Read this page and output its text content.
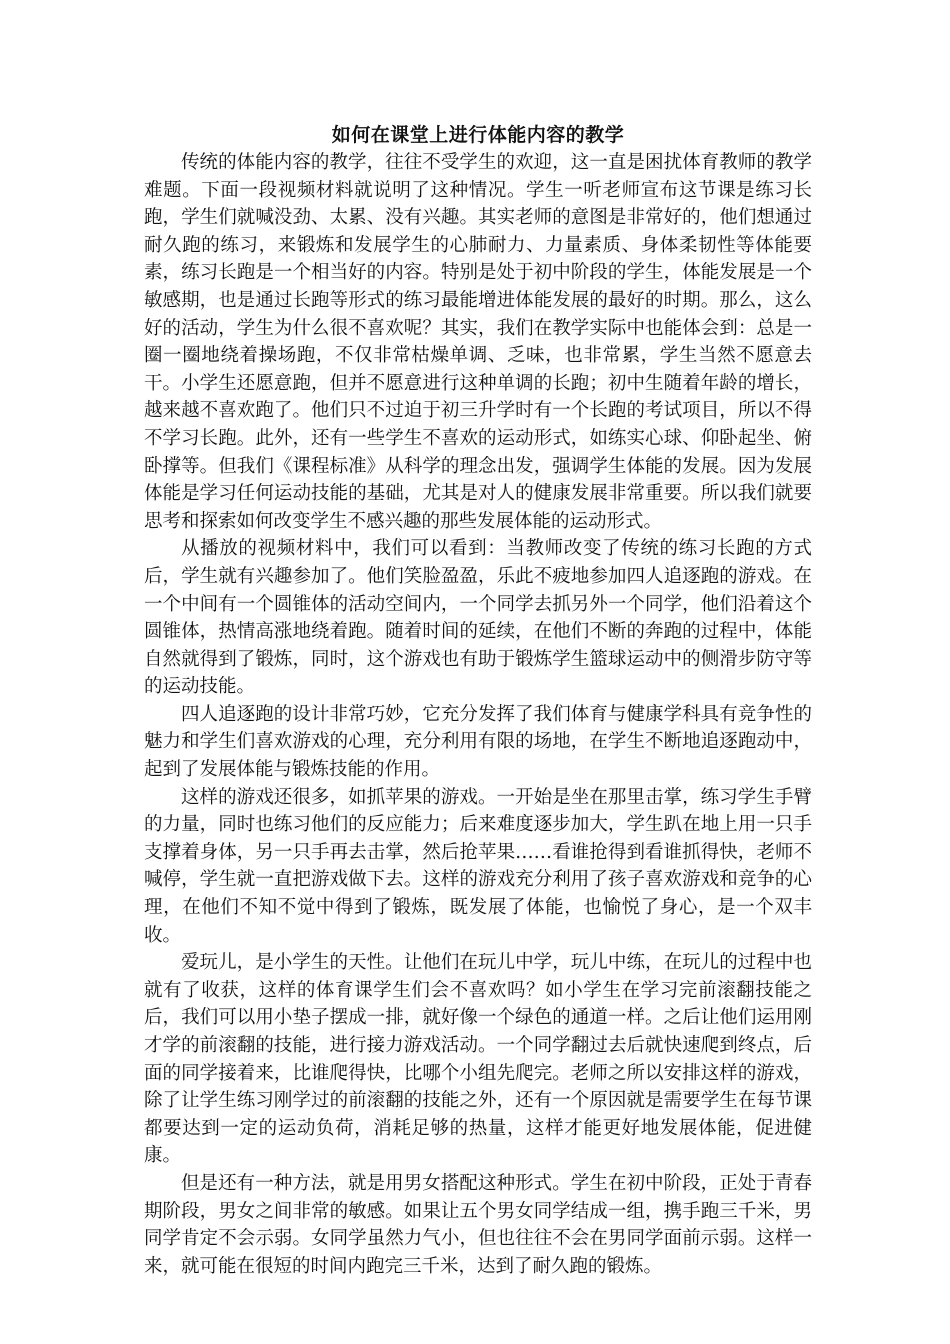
如何在课堂上进行体能内容的教学

传统的体能内容的教学，往往不受学生的欢迎，这一直是困扰体育教师的教学难题。下面一段视频材料就说明了这种情况。学生一听老师宣布这节课是练习长跑，学生们就喊没劲、太累、没有兴趣。其实老师的意图是非常好的，他们想通过耐久跑的练习，来锻炼和发展学生的心肺耐力、力量素质、身体柔韧性等体能要素，练习长跑是一个相当好的内容。特别是处于初中阶段的学生，体能发展是一个敏感期，也是通过长跑等形式的练习最能增进体能发展的最好的时期。那么，这么好的活动，学生为什么很不喜欢呢？其实，我们在教学实际中也能体会到：总是一圈一圈地绕着操场跑，不仅非常枯燥单调、乏味，也非常累，学生当然不愿意去干。小学生还愿意跑，但并不愿意进行这种单调的长跑；初中生随着年龄的增长，越来越不喜欢跑了。他们只不过迫于初三升学时有一个长跑的考试项目，所以不得不学习长跑。此外，还有一些学生不喜欢的运动形式，如练实心球、仰卧起坐、俯卧撑等。但我们《课程标准》从科学的理念出发，强调学生体能的发展。因为发展体能是学习任何运动技能的基础，尤其是对人的健康发展非常重要。所以我们就要思考和探索如何改变学生不感兴趣的那些发展体能的运动形式。

从播放的视频材料中，我们可以看到：当教师改变了传统的练习长跑的方式后，学生就有兴趣参加了。他们笑脸盈盈，乐此不疲地参加四人追逐跑的游戏。在一个中间有一个圆锥体的活动空间内，一个同学去抓另外一个同学，他们沿着这个圆锥体，热情高涨地绕着跑。随着时间的延续，在他们不断的奔跑的过程中，体能自然就得到了锻炼，同时，这个游戏也有助于锻炼学生篮球运动中的侧滑步防守等的运动技能。

四人追逐跑的设计非常巧妙，它充分发挥了我们体育与健康学科具有竞争性的魅力和学生们喜欢游戏的心理，充分利用有限的场地，在学生不断地追逐跑动中，起到了发展体能与锻炼技能的作用。

这样的游戏还很多，如抓苹果的游戏。一开始是坐在那里击掌，练习学生手臂的力量，同时也练习他们的反应能力；后来难度逐步加大，学生趴在地上用一只手支撑着身体，另一只手再去击掌，然后抢苹果……看谁抢得到看谁抓得快，老师不喊停，学生就一直把游戏做下去。这样的游戏充分利用了孩子喜欢游戏和竞争的心理，在他们不知不觉中得到了锻炼，既发展了体能，也愉悦了身心，是一个双丰收。

爱玩儿，是小学生的天性。让他们在玩儿中学，玩儿中练，在玩儿的过程中也就有了收获，这样的体育课学生们会不喜欢吗？如小学生在学习完前滚翻技能之后，我们可以用小垫子摆成一排，就好像一个绿色的通道一样。之后让他们运用刚才学的前滚翻的技能，进行接力游戏活动。一个同学翻过去后就快速爬到终点，后面的同学接着来，比谁爬得快，比哪个小组先爬完。老师之所以安排这样的游戏，除了让学生练习刚学过的前滚翻的技能之外，还有一个原因就是需要学生在每节课都要达到一定的运动负荷，消耗足够的热量，这样才能更好地发展体能，促进健康。

但是还有一种方法，就是用男女搭配这种形式。学生在初中阶段，正处于青春期阶段，男女之间非常的敏感。如果让五个男女同学结成一组，携手跑三千米，男同学肯定不会示弱。女同学虽然力气小，但也往往不会在男同学面前示弱。这样一来，就可能在很短的时间内跑完三千米，达到了耐久跑的锻炼。
